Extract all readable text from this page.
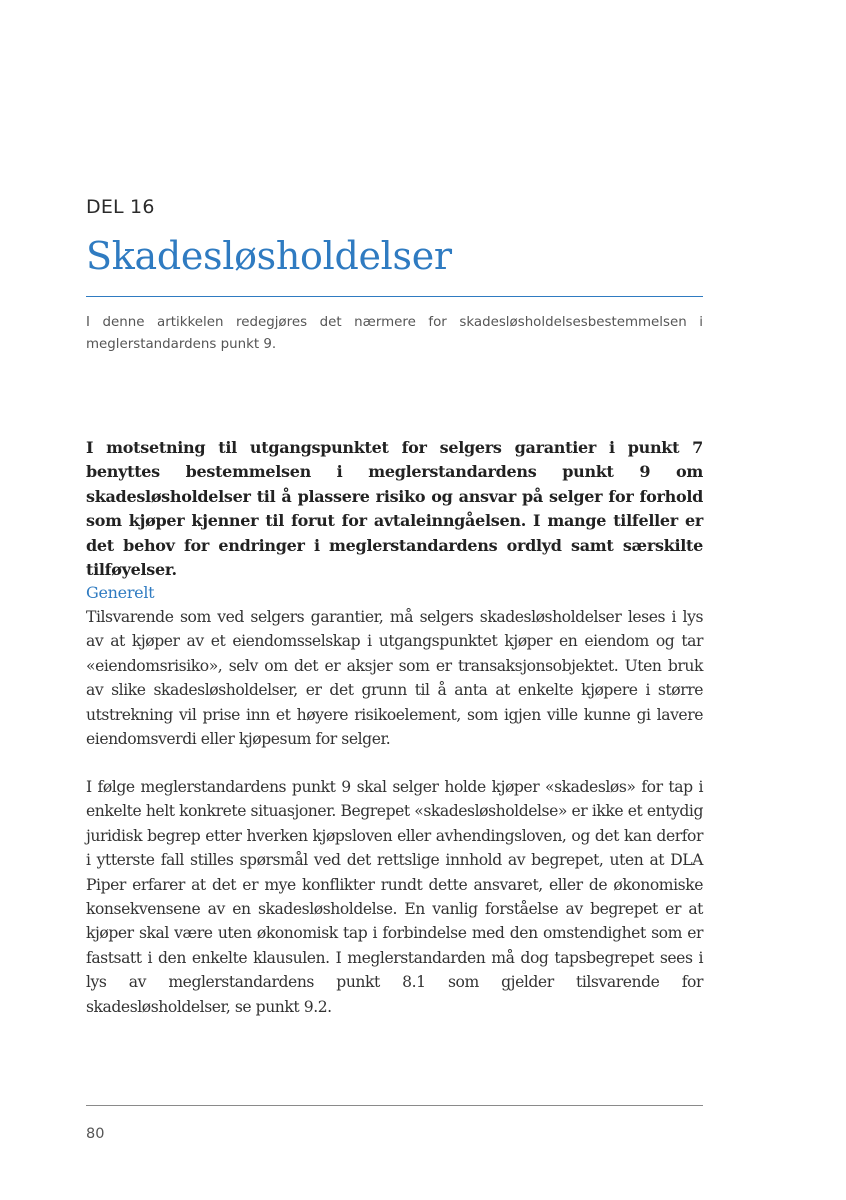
DEL 16
Skadesløsholdelser

I denne artikkelen redegjøres det nærmere for skadesløsholdelsesbestemmelsen i meglerstandardens punkt 9.

I motsetning til utgangspunktet for selgers garantier i punkt 7 benyttes bestemmelsen i meglerstandardens punkt 9 om skadesløsholdelser til å plassere risiko og ansvar på selger for forhold som kjøper kjenner til forut for avtaleinngåelsen. I mange tilfeller er det behov for endringer i meglerstandardens ordlyd samt særskilte tilføyelser.

Generelt

Tilsvarende som ved selgers garantier, må selgers skadesløsholdelser leses i lys av at kjøper av et eiendomsselskap i utgangspunktet kjøper en eiendom og tar «eiendomsrisiko», selv om det er aksjer som er transaksjonsobjektet. Uten bruk av slike skadesløsholdelser, er det grunn til å anta at enkelte kjøpere i større utstrekning vil prise inn et høyere risikoelement, som igjen ville kunne gi lavere eiendomsverdi eller kjøpesum for selger.

I følge meglerstandardens punkt 9 skal selger holde kjøper «skadesløs» for tap i enkelte helt konkrete situasjoner. Begrepet «skadesløsholdelse» er ikke et entydig juridisk begrep etter hverken kjøpsloven eller avhendingsloven, og det kan derfor i ytterste fall stilles spørsmål ved det rettslige innhold av begrepet, uten at DLA Piper erfarer at det er mye konflikter rundt dette ansvaret, eller de økonomiske konsekvensene av en skadesløsholdelse. En vanlig forståelse av begrepet er at kjøper skal være uten økonomisk tap i forbindelse med den omstendighet som er fastsatt i den enkelte klausulen. I meglerstandarden må dog tapsbegrepet sees i lys av meglerstandardens punkt 8.1 som gjelder tilsvarende for skadesløsholdelser, se punkt 9.2.

80
